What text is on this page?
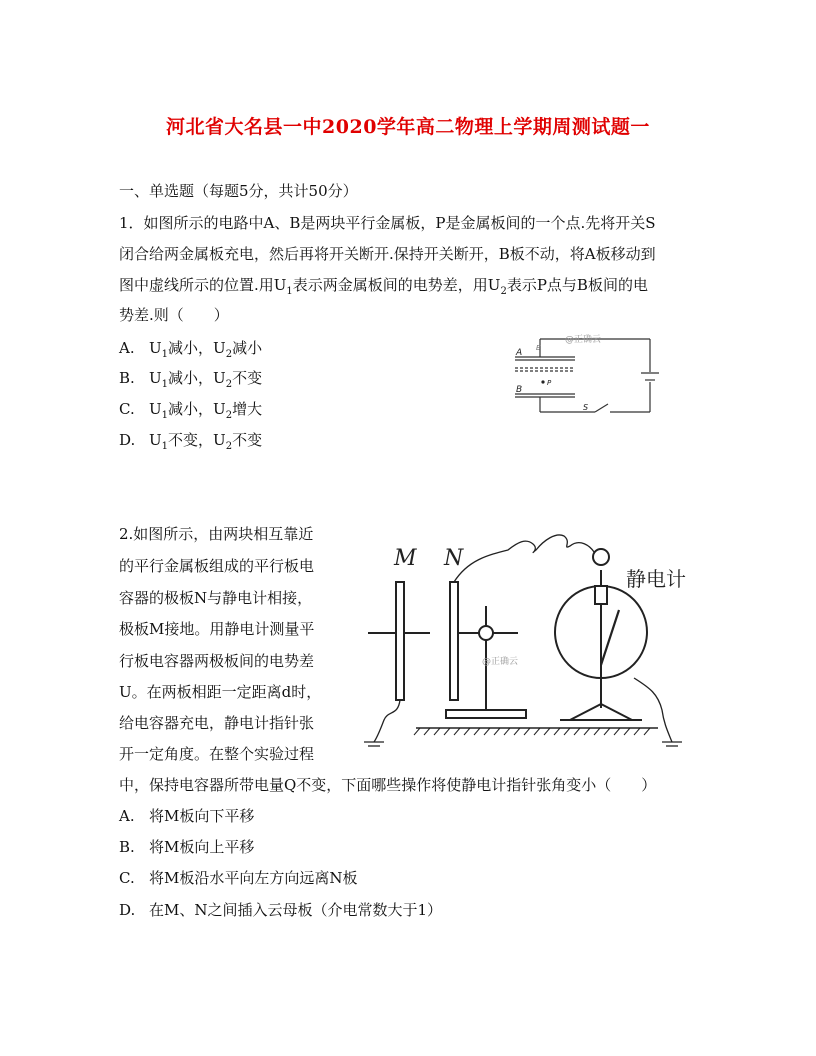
河北省大名县一中2020学年高二物理上学期周测试题一
一、单选题（每题5分，共计50分）
1．如图所示的电路中A、B是两块平行金属板，P是金属板间的一个点.先将开关S
闭合给两金属板充电，然后再将开关断开.保持开关断开，B板不动，将A板移动到
图中虚线所示的位置.用$U_1$表示两金属板间的电势差，用$U_2$表示P点与B板间的电
势差.则（　　）
A. $U_1$减小，$U_2$减小
B. $U_1$减小，$U_2$不变
C. $U_1$减小，$U_2$增大
D. $U_1$不变，$U_2$不变
A
B
P
S
E
@正确云
2.如图所示，由两块相互靠近
的平行金属板组成的平行板电
容器的极板N与静电计相接，
极板M接地。用静电计测量平
行板电容器两极板间的电势差
U。在两板相距一定距离d时，
给电容器充电，静电计指针张
开一定角度。在整个实验过程
中，保持电容器所带电量Q不变，下面哪些操作将使静电计指针张角变小（　　）
A. 将M板向下平移
B. 将M板向上平移
C. 将M板沿水平向左方向远离N板
D. 在M、N之间插入云母板（介电常数大于1）
M N
静电计
@正确云
